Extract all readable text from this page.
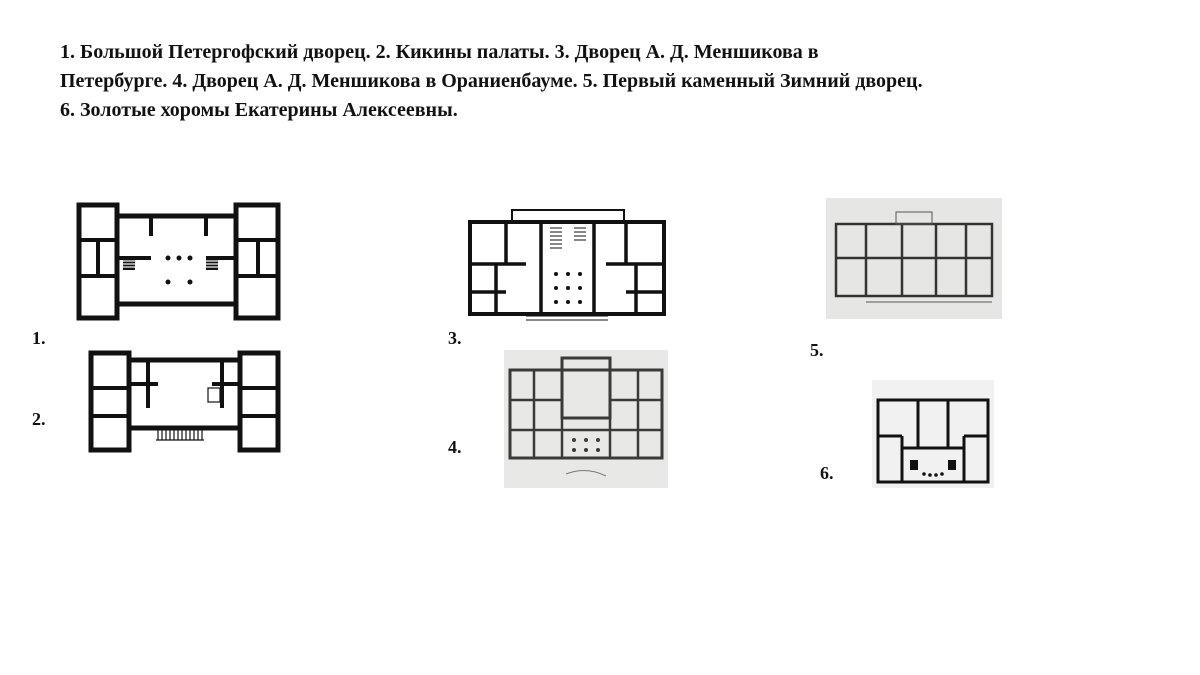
1. Большой Петергофский дворец. 2. Кикины палаты. 3. Дворец А. Д. Меншикова в
Петербурге. 4. Дворец А. Д. Меншикова в Ораниенбауме. 5. Первый каменный Зимний дворец.
6. Золотые хоромы Екатерины Алексеевны.
1.
2.
3.
4.
5.
6.
